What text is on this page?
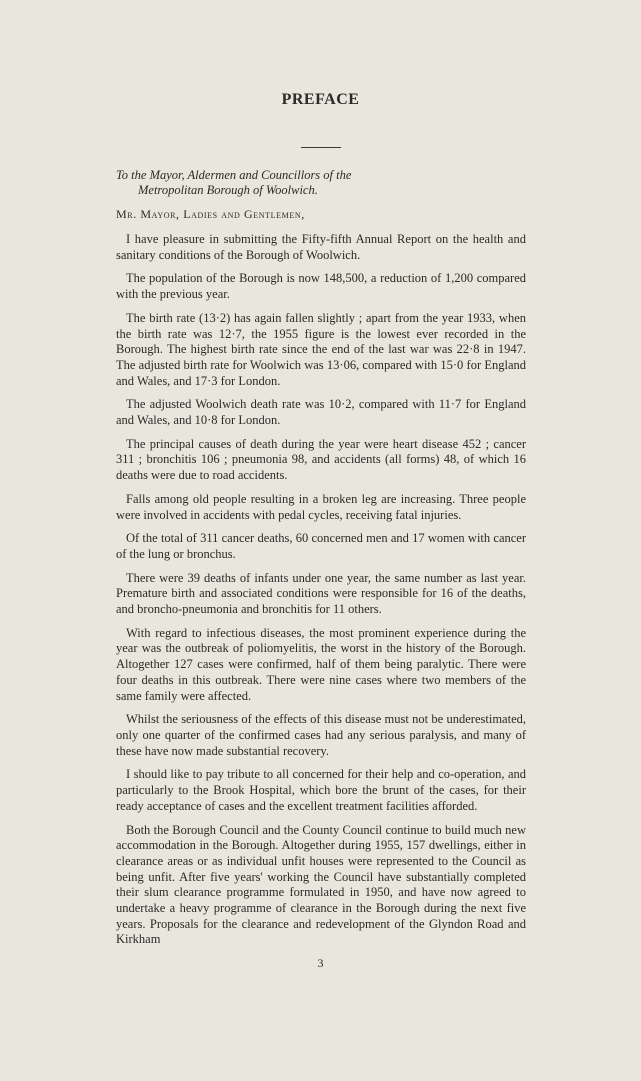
PREFACE
To the Mayor, Aldermen and Councillors of the
Metropolitan Borough of Woolwich.
Mr. Mayor, Ladies and Gentlemen,

I have pleasure in submitting the Fifty-fifth Annual Report on the health and sanitary conditions of the Borough of Woolwich.

The population of the Borough is now 148,500, a reduction of 1,200 compared with the previous year.

The birth rate (13·2) has again fallen slightly ; apart from the year 1933, when the birth rate was 12·7, the 1955 figure is the lowest ever recorded in the Borough. The highest birth rate since the end of the last war was 22·8 in 1947. The adjusted birth rate for Woolwich was 13·06, compared with 15·0 for England and Wales, and 17·3 for London.

The adjusted Woolwich death rate was 10·2, compared with 11·7 for England and Wales, and 10·8 for London.

The principal causes of death during the year were heart disease 452 ; cancer 311 ; bronchitis 106 ; pneumonia 98, and accidents (all forms) 48, of which 16 deaths were due to road accidents.

Falls among old people resulting in a broken leg are increasing. Three people were involved in accidents with pedal cycles, receiving fatal injuries.

Of the total of 311 cancer deaths, 60 concerned men and 17 women with cancer of the lung or bronchus.

There were 39 deaths of infants under one year, the same number as last year. Premature birth and associated conditions were responsible for 16 of the deaths, and broncho-pneumonia and bronchitis for 11 others.

With regard to infectious diseases, the most prominent experience during the year was the outbreak of poliomyelitis, the worst in the history of the Borough. Altogether 127 cases were confirmed, half of them being paralytic. There were four deaths in this outbreak. There were nine cases where two members of the same family were affected.

Whilst the seriousness of the effects of this disease must not be underestimated, only one quarter of the confirmed cases had any serious paralysis, and many of these have now made substantial recovery.

I should like to pay tribute to all concerned for their help and co-operation, and particularly to the Brook Hospital, which bore the brunt of the cases, for their ready acceptance of cases and the excellent treatment facilities afforded.

Both the Borough Council and the County Council continue to build much new accommodation in the Borough. Altogether during 1955, 157 dwellings, either in clearance areas or as individual unfit houses were represented to the Council as being unfit. After five years' working the Council have substantially completed their slum clearance programme formulated in 1950, and have now agreed to undertake a heavy programme of clearance in the Borough during the next five years. Proposals for the clearance and redevelopment of the Glyndon Road and Kirkham

3
